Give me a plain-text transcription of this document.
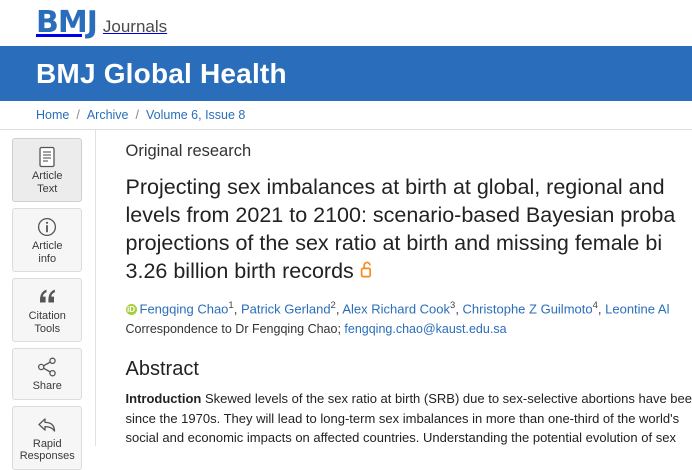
BMJ Journals
BMJ Global Health
Home / Archive / Volume 6, Issue 8
Article
Text
Article
info
Citation
Tools
Share
Rapid
Responses
Original research
Projecting sex imbalances at birth at global, regional and
levels from 2021 to 2100: scenario-based Bayesian proba
projections of the sex ratio at birth and missing female bi
3.26 billion birth records
iD Fengqing Chao$^1$, Patrick Gerland$^2$, Alex Richard Cook$^3$, Christophe Z Guilmoto$^4$, Leontine Al
Correspondence to Dr Fengqing Chao; fengqing.chao@kaust.edu.sa
Abstract
Introduction Skewed levels of the sex ratio at birth (SRB) due to sex-selective abortions have bee
since the 1970s. They will lead to long-term sex imbalances in more than one-third of the world's
social and economic impacts on affected countries. Understanding the potential evolution of sex
